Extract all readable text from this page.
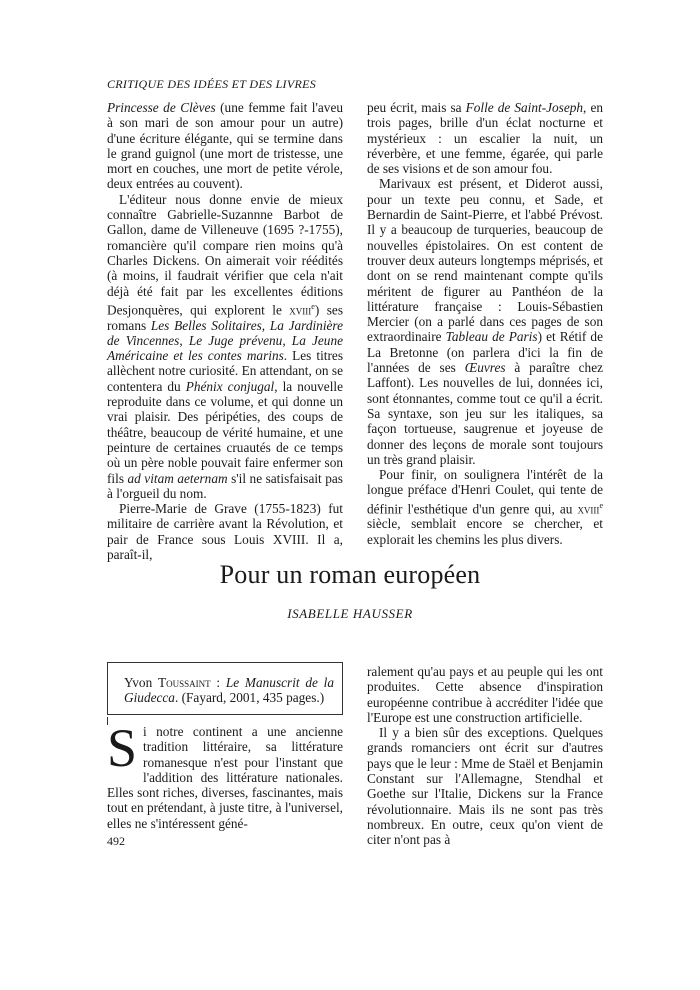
CRITIQUE DES IDÉES ET DES LIVRES

Princesse de Clèves (une femme fait l'aveu à son mari de son amour pour un autre) d'une écriture élégante, qui se termine dans le grand guignol (une mort de tristesse, une mort en couches, une mort de petite vérole, deux entrées au couvent).

L'éditeur nous donne envie de mieux connaître Gabrielle-Suzannne Barbot de Gallon, dame de Villeneuve (1695 ?-1755), romancière qu'il compare rien moins qu'à Charles Dickens. On aimerait voir réédités (à moins, il faudrait vérifier que cela n'ait déjà été fait par les excellentes éditions Desjonquères, qui explorent le xviii$^e$) ses romans Les Belles Solitaires, La Jardinière de Vincennes, Le Juge prévenu, La Jeune Américaine et les contes marins. Les titres allèchent notre curiosité. En attendant, on se contentera du Phénix conjugal, la nouvelle reproduite dans ce volume, et qui donne un vrai plaisir. Des péripéties, des coups de théâtre, beaucoup de vérité humaine, et une peinture de certaines cruautés de ce temps où un père noble pouvait faire enfermer son fils ad vitam aeternam s'il ne satisfaisait pas à l'orgueil du nom.

Pierre-Marie de Grave (1755-1823) fut militaire de carrière avant la Révolution, et pair de France sous Louis XVIII. Il a, paraît-il,

peu écrit, mais sa Folle de Saint-Joseph, en trois pages, brille d'un éclat nocturne et mystérieux : un escalier la nuit, un réverbère, et une femme, égarée, qui parle de ses visions et de son amour fou.

Marivaux est présent, et Diderot aussi, pour un texte peu connu, et Sade, et Bernardin de Saint-Pierre, et l'abbé Prévost. Il y a beaucoup de turqueries, beaucoup de nouvelles épistolaires. On est content de trouver deux auteurs longtemps méprisés, et dont on se rend maintenant compte qu'ils méritent de figurer au Panthéon de la littérature française : Louis-Sébastien Mercier (on a parlé dans ces pages de son extraordinaire Tableau de Paris) et Rétif de La Bretonne (on parlera d'ici la fin de l'années de ses Œuvres à paraître chez Laffont). Les nouvelles de lui, données ici, sont étonnantes, comme tout ce qu'il a écrit. Sa syntaxe, son jeu sur les italiques, sa façon tortueuse, saugrenue et joyeuse de donner des leçons de morale sont toujours un très grand plaisir.

Pour finir, on soulignera l'intérêt de la longue préface d'Henri Coulet, qui tente de définir l'esthétique d'un genre qui, au xviii$^e$ siècle, semblait encore se chercher, et explorait les chemins les plus divers.

Pour un roman européen
ISABELLE HAUSSER
Yvon Toussaint : Le Manuscrit de la Giudecca. (Fayard, 2001, 435 pages.)

Si notre continent a une ancienne tradition littéraire, sa littérature romanesque n'est pour l'instant que l'addition des littérature nationales. Elles sont riches, diverses, fascinantes, mais tout en prétendant, à juste titre, à l'universel, elles ne s'intéressent géné-

ralement qu'au pays et au peuple qui les ont produites. Cette absence d'inspiration européenne contribue à accréditer l'idée que l'Europe est une construction artificielle.

Il y a bien sûr des exceptions. Quelques grands romanciers ont écrit sur d'autres pays que le leur : Mme de Staël et Benjamin Constant sur l'Allemagne, Stendhal et Goethe sur l'Italie, Dickens sur la France révolutionnaire. Mais ils ne sont pas très nombreux. En outre, ceux qu'on vient de citer n'ont pas à

492
